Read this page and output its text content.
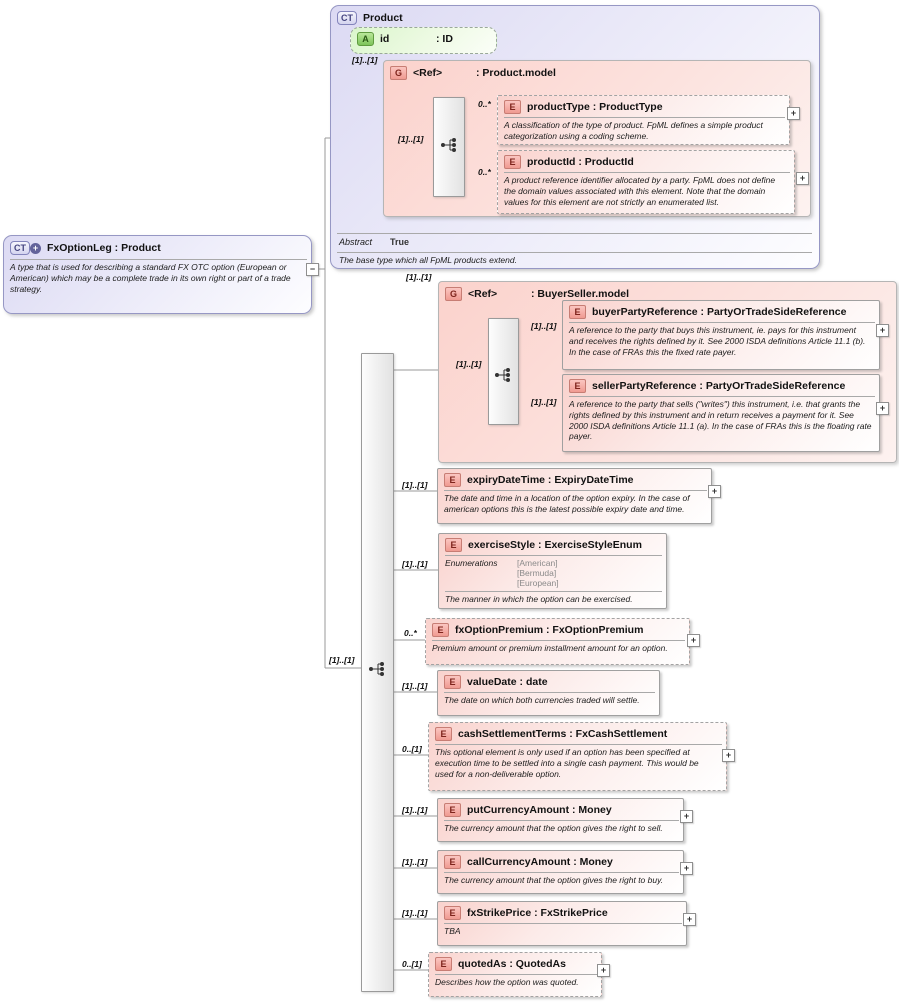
CT Product
Abstract True
The base type which all FpML products extend.
A	id	: ID
G	<Ref>	: Product.model
[1]..[1]
[1]..[1]
0..*	E	productType : ProductType
A classification of the type of product. FpML defines a simple product categorization using a coding scheme.
+
0..*
E	productId : ProductId
A product reference identifier allocated by a party. FpML does not define the domain values associated with this element. Note that the domain values for this element are not strictly an enumerated list.
+
CT + FxOptionLeg : Product
A type that is used for describing a standard FX OTC option (European or American) which may be a complete trade in its own right or part of a trade strategy.
−
[1]..[1]
[1]..[1]
G	<Ref>	: BuyerSeller.model
[1]..[1]
[1]..[1]
E	buyerPartyReference : PartyOrTradeSideReference
A reference to the party that buys this instrument, ie. pays for this instrument and receives the rights defined by it. See 2000 ISDA definitions Article 11.1 (b). In the case of FRAs this the fixed rate payer.
+
[1]..[1]
E	sellerPartyReference : PartyOrTradeSideReference
A reference to the party that sells ("writes") this instrument, i.e. that grants the rights defined by this instrument and in return receives a payment for it. See 2000 ISDA definitions Article 11.1 (a). In the case of FRAs this is the floating rate payer.
+
[1]..[1]	E	expiryDateTime : ExpiryDateTime
The date and time in a location of the option expiry. In the case of american options this is the latest possible expiry date and time.
+
[1]..[1]
E	exerciseStyle : ExerciseStyleEnum
Enumerations	[American]
[Bermuda]
[European]
The manner in which the option can be exercised.
0..*	E	fxOptionPremium : FxOptionPremium
Premium amount or premium installment amount for an option.
+
[1]..[1]	E	valueDate : date
The date on which both currencies traded will settle.
0..[1]
E	cashSettlementTerms : FxCashSettlement
This optional element is only used if an option has been specified at execution time to be settled into a single cash payment. This would be used for a non-deliverable option.
+
[1]..[1]	E	putCurrencyAmount : Money
The currency amount that the option gives the right to sell.
+
[1]..[1]	E	callCurrencyAmount : Money
The currency amount that the option gives the right to buy.
+
[1]..[1]	E	fxStrikePrice : FxStrikePrice
TBA
+
0..[1]	E	quotedAs : QuotedAs
Describes how the option was quoted.
+
